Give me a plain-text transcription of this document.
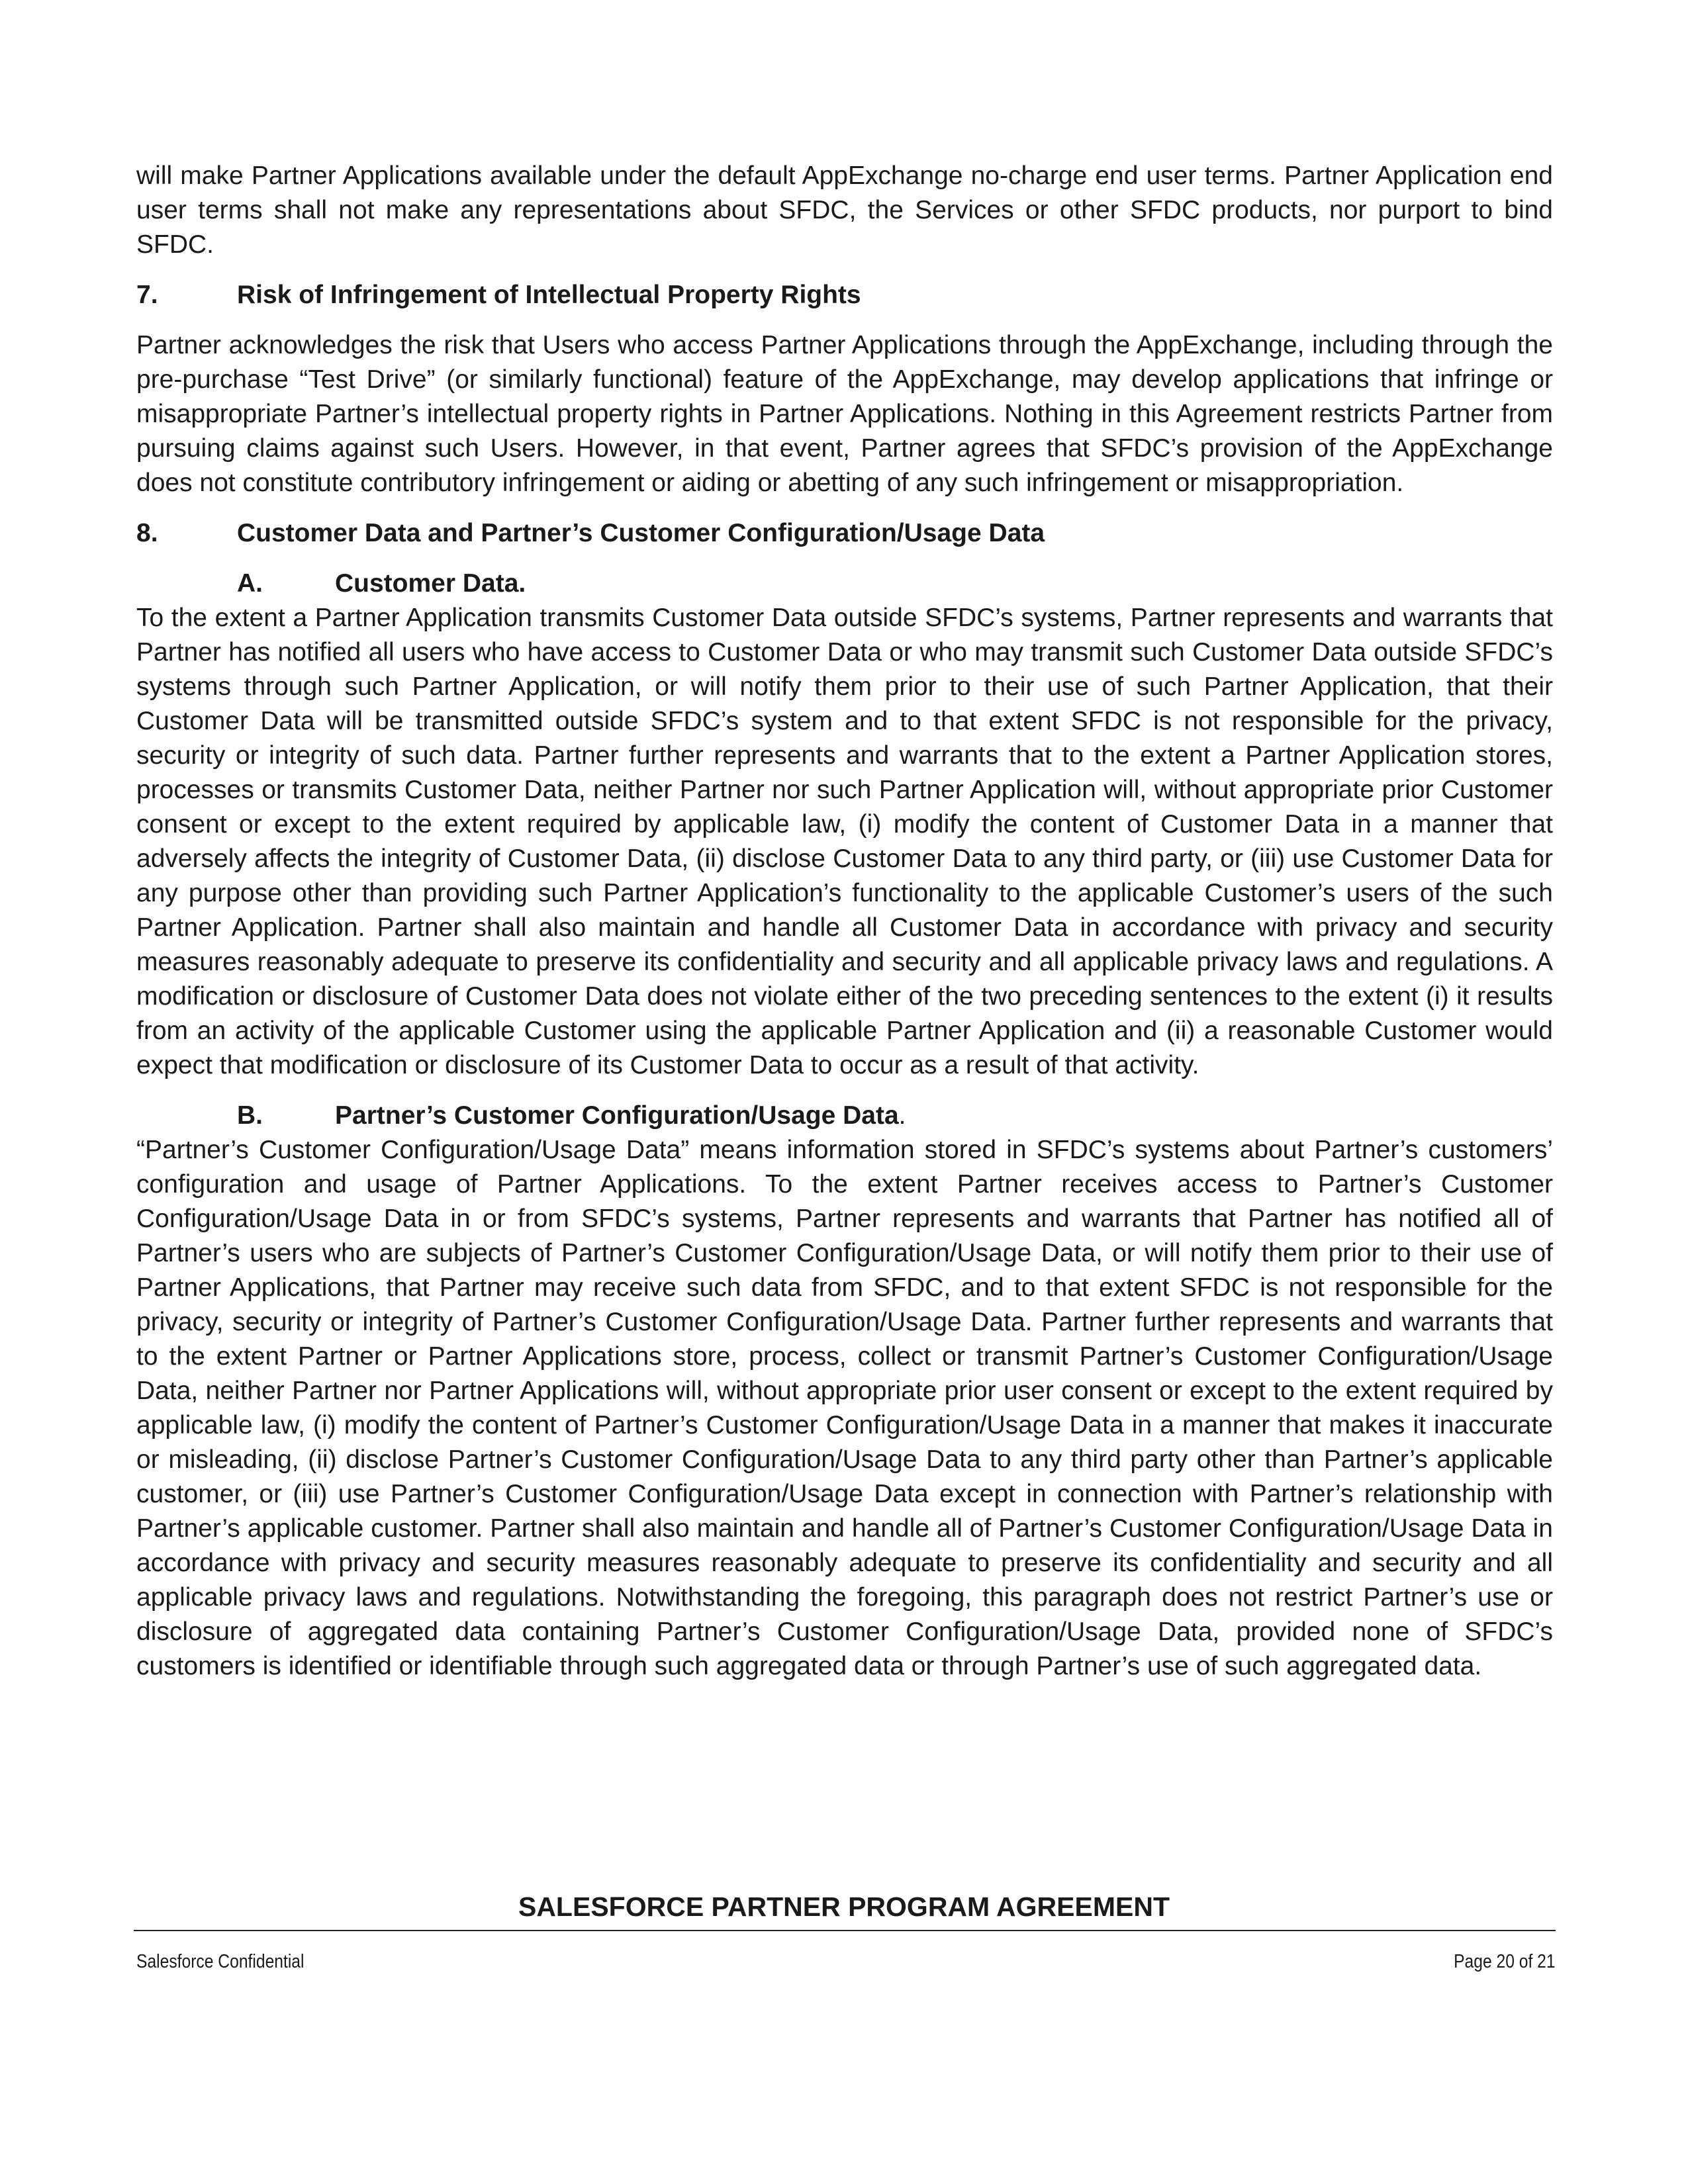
will make Partner Applications available under the default AppExchange no-charge end user terms. Partner Application end user terms shall not make any representations about SFDC, the Services or other SFDC products, nor purport to bind SFDC.

7.	Risk of Infringement of Intellectual Property Rights

Partner acknowledges the risk that Users who access Partner Applications through the AppExchange, including through the pre-purchase “Test Drive” (or similarly functional) feature of the AppExchange, may develop applications that infringe or misappropriate Partner’s intellectual property rights in Partner Applications. Nothing in this Agreement restricts Partner from pursuing claims against such Users. However, in that event, Partner agrees that SFDC’s provision of the AppExchange does not constitute contributory infringement or aiding or abetting of any such infringement or misappropriation.

8.	Customer Data and Partner’s Customer Configuration/Usage Data
A.	Customer Data.

To the extent a Partner Application transmits Customer Data outside SFDC’s systems, Partner represents and warrants that Partner has notified all users who have access to Customer Data or who may transmit such Customer Data outside SFDC’s systems through such Partner Application, or will notify them prior to their use of such Partner Application, that their Customer Data will be transmitted outside SFDC’s system and to that extent SFDC is not responsible for the privacy, security or integrity of such data. Partner further represents and warrants that to the extent a Partner Application stores, processes or transmits Customer Data, neither Partner nor such Partner Application will, without appropriate prior Customer consent or except to the extent required by applicable law, (i) modify the content of Customer Data in a manner that adversely affects the integrity of Customer Data, (ii) disclose Customer Data to any third party, or (iii) use Customer Data for any purpose other than providing such Partner Application’s functionality to the applicable Customer’s users of the such Partner Application. Partner shall also maintain and handle all Customer Data in accordance with privacy and security measures reasonably adequate to preserve its confidentiality and security and all applicable privacy laws and regulations. A modification or disclosure of Customer Data does not violate either of the two preceding sentences to the extent (i) it results from an activity of the applicable Customer using the applicable Partner Application and (ii) a reasonable Customer would expect that modification or disclosure of its Customer Data to occur as a result of that activity.

B.	Partner’s Customer Configuration/Usage Data .

“Partner’s Customer Configuration/Usage Data” means information stored in SFDC’s systems about Partner’s customers’ configuration and usage of Partner Applications. To the extent Partner receives access to Partner’s Customer Configuration/Usage Data in or from SFDC’s systems, Partner represents and warrants that Partner has notified all of Partner’s users who are subjects of Partner’s Customer Configuration/Usage Data, or will notify them prior to their use of Partner Applications, that Partner may receive such data from SFDC, and to that extent SFDC is not responsible for the privacy, security or integrity of Partner’s Customer Configuration/Usage Data. Partner further represents and warrants that to the extent Partner or Partner Applications store, process, collect or transmit Partner’s Customer Configuration/Usage Data, neither Partner nor Partner Applications will, without appropriate prior user consent or except to the extent required by applicable law, (i) modify the content of Partner’s Customer Configuration/Usage Data in a manner that makes it inaccurate or misleading, (ii) disclose Partner’s Customer Configuration/Usage Data to any third party other than Partner’s applicable customer, or (iii) use Partner’s Customer Configuration/Usage Data except in connection with Partner’s relationship with Partner’s applicable customer. Partner shall also maintain and handle all of Partner’s Customer Configuration/Usage Data in accordance with privacy and security measures reasonably adequate to preserve its confidentiality and security and all applicable privacy laws and regulations. Notwithstanding the foregoing, this paragraph does not restrict Partner’s use or disclosure of aggregated data containing Partner’s Customer Configuration/Usage Data, provided none of SFDC’s customers is identified or identifiable through such aggregated data or through Partner’s use of such aggregated data.

SALESFORCE PARTNER PROGRAM AGREEMENT
Salesforce Confidential	Page 20 of 21
